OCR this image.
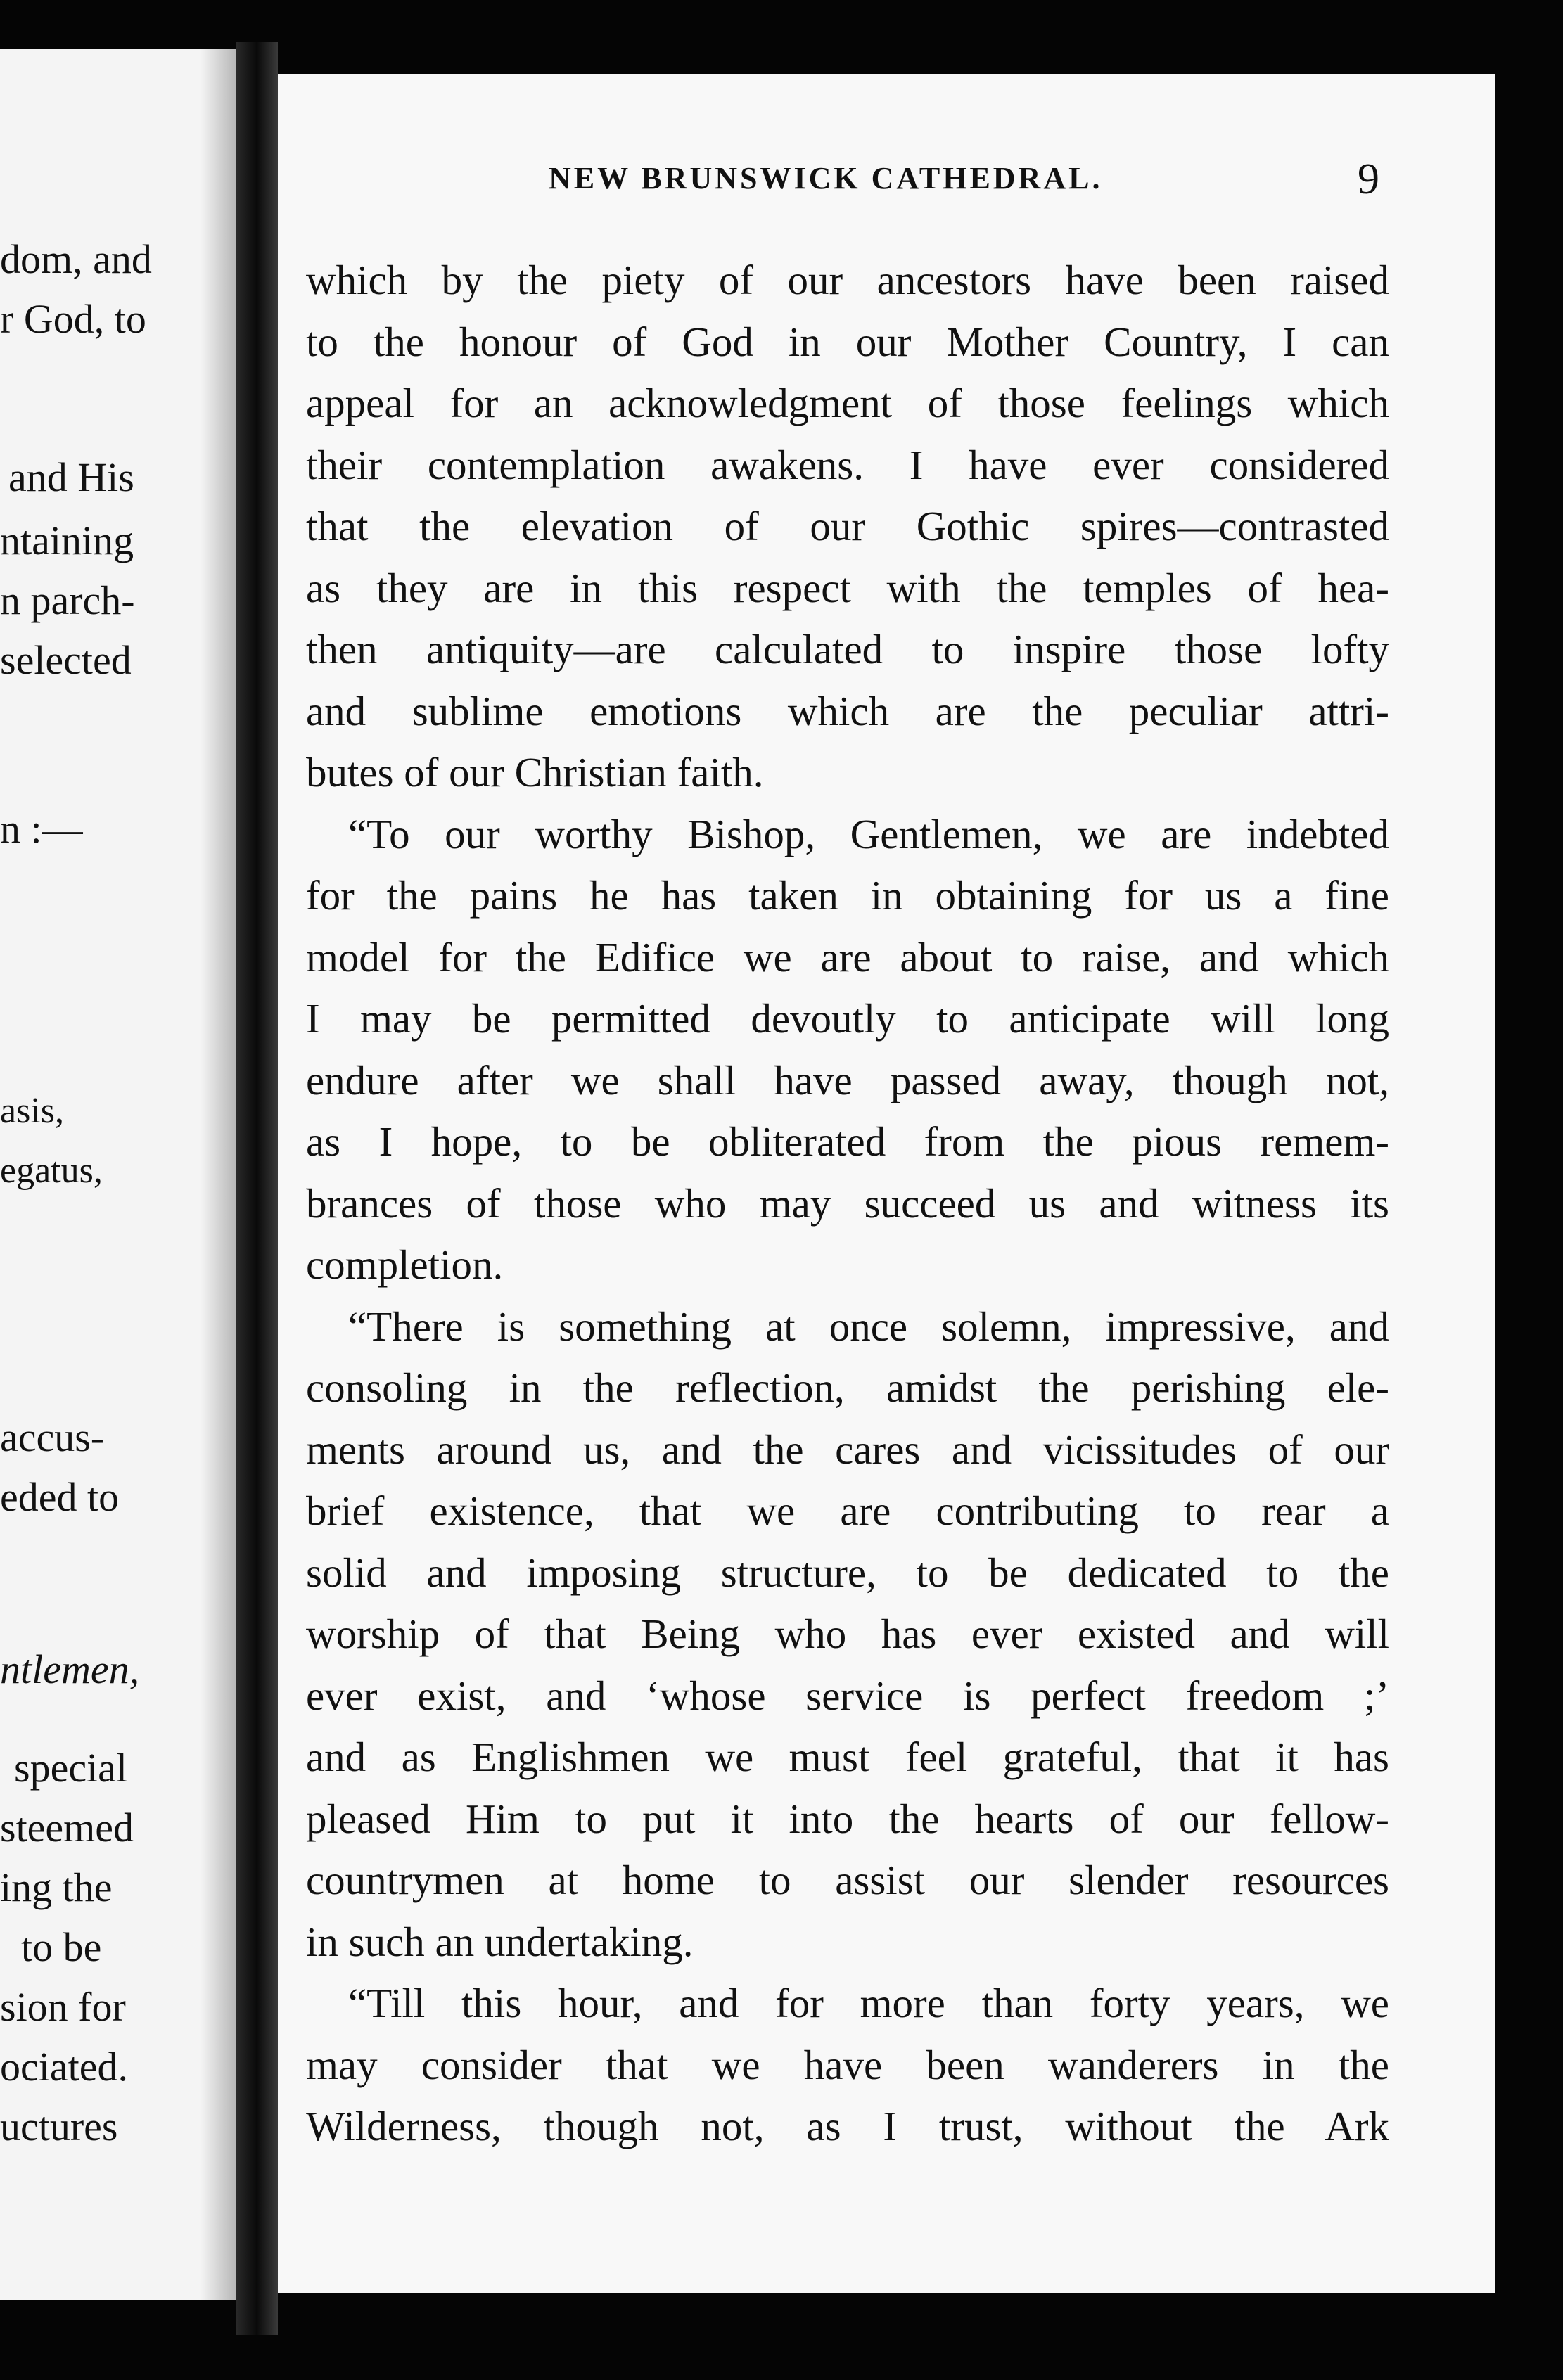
dom, and
r God, to
and His
ntaining
n parch-
selected
n :—
asis,
egatus,
accus-
eded to
ntlemen,
special
steemed
ing the
to be
sion for
ociated.
uctures
NEW BRUNSWICK CATHEDRAL.	9
which by the piety of our ancestors have been raised
to the honour of God in our Mother Country, I can
appeal for an acknowledgment of those feelings which
their contemplation awakens. I have ever considered
that the elevation of our Gothic spires—contrasted
as they are in this respect with the temples of hea-
then antiquity—are calculated to inspire those lofty
and sublime emotions which are the peculiar attri-
butes of our Christian faith.
“To our worthy Bishop, Gentlemen, we are indebted
for the pains he has taken in obtaining for us a fine
model for the Edifice we are about to raise, and which
I may be permitted devoutly to anticipate will long
endure after we shall have passed away, though not,
as I hope, to be obliterated from the pious remem-
brances of those who may succeed us and witness its
completion.
“There is something at once solemn, impressive, and
consoling in the reflection, amidst the perishing ele-
ments around us, and the cares and vicissitudes of our
brief existence, that we are contributing to rear a
solid and imposing structure, to be dedicated to the
worship of that Being who has ever existed and will
ever exist, and ‘whose service is perfect freedom ;’
and as Englishmen we must feel grateful, that it has
pleased Him to put it into the hearts of our fellow-
countrymen at home to assist our slender resources
in such an undertaking.
“Till this hour, and for more than forty years, we
may consider that we have been wanderers in the
Wilderness, though not, as I trust, without the Ark
